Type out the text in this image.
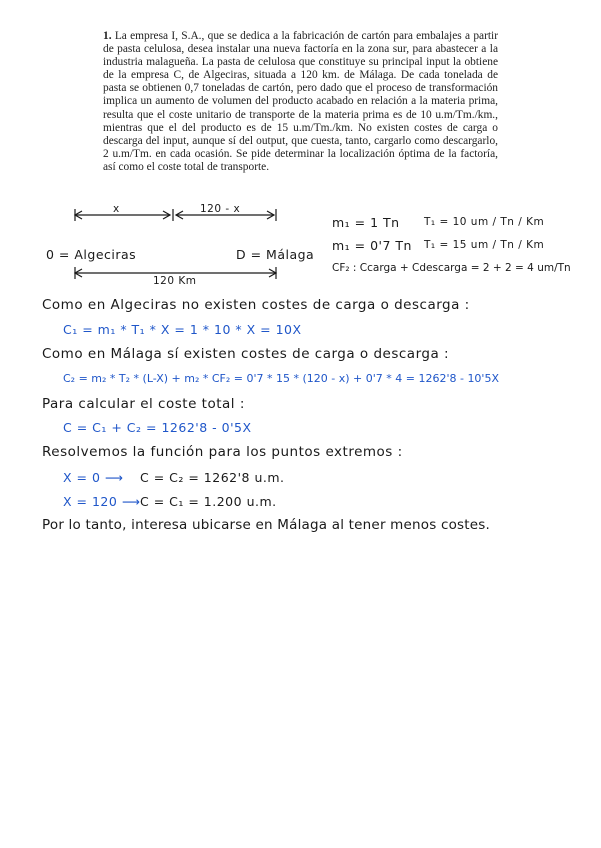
1. La empresa I, S.A., que se dedica a la fabricación de cartón para embalajes a partir de pasta celulosa, desea instalar una nueva factoría en la zona sur, para abastecer a la industria malagueña. La pasta de celulosa que constituye su principal input la obtiene de la empresa C, de Algeciras, situada a 120 km. de Málaga. De cada tonelada de pasta se obtienen 0,7 toneladas de cartón, pero dado que el proceso de transformación implica un aumento de volumen del producto acabado en relación a la materia prima, resulta que el coste unitario de transporte de la materia prima es de 10 u.m/Tm./km., mientras que el del producto es de 15 u.m/Tm./km. No existen costes de carga o descarga del input, aunque sí del output, que cuesta, tanto, cargarlo como descargarlo, 2 u.m/Tm. en cada ocasión. Se pide determinar la localización óptima de la factoría, así como el coste total de transporte.
x	120 - x
0 = Algeciras	D = Málaga
120 Km
m₁ = 1 Tn T₁ = 10 um / Tn / Km
m₁ = 0'7 Tn T₁ = 15 um / Tn / Km
CF₂ : Ccarga + Cdescarga = 2 + 2 = 4 um/Tn
Como en Algeciras no existen costes de carga o descarga :
C₁ = m₁ * T₁ * X = 1 * 10 * X = 10X
Como en Málaga sí existen costes de carga o descarga :
C₂ = m₂ * T₂ * (L-X) + m₂ * CF₂ = 0'7 * 15 * (120 - x) + 0'7 * 4 = 1262'8 - 10'5X
Para calcular el coste total :
C = C₁ + C₂ = 1262'8 - 0'5X
Resolvemos la función para los puntos extremos :
X = 0 ⟶ C = C₂ = 1262'8 u.m.
X = 120 ⟶ C = C₁ = 1.200 u.m.
Por lo tanto, interesa ubicarse en Málaga al tener menos costes.
